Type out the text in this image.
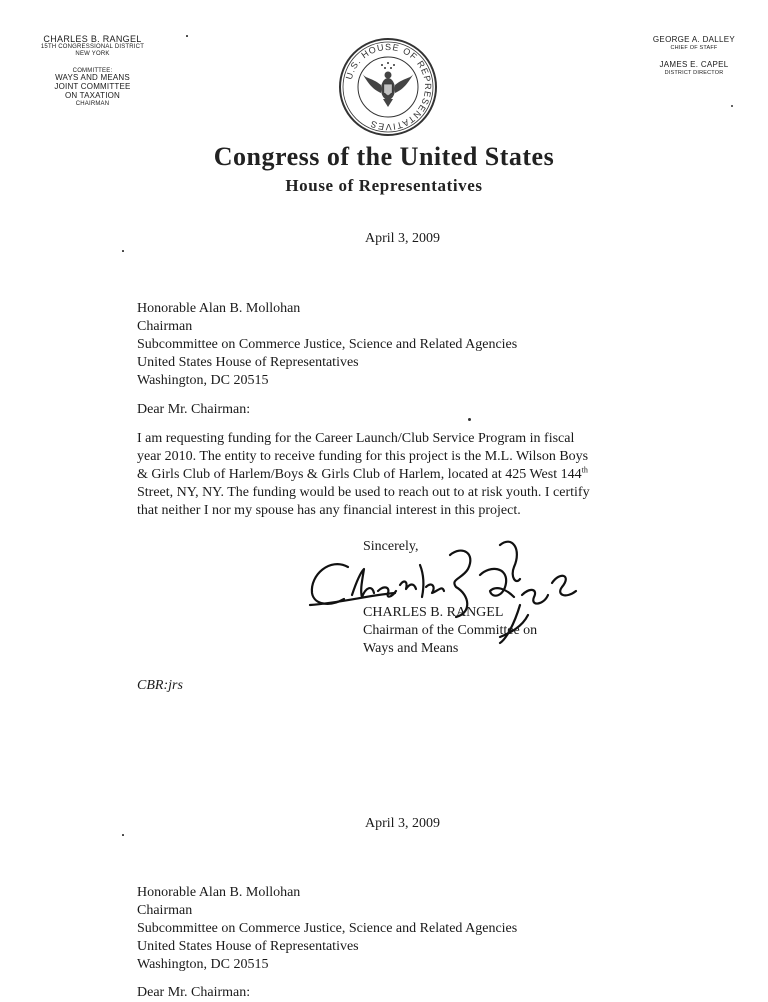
CHARLES B. RANGEL
15TH CONGRESSIONAL DISTRICT
NEW YORK
COMMITTEE:
WAYS AND MEANS
JOINT COMMITTEE
ON TAXATION
CHAIRMAN
GEORGE A. DALLEY
CHIEF OF STAFF
JAMES E. CAPEL
DISTRICT DIRECTOR
U.S. HOUSE OF REPRESENTATIVES
Congress of the United States
House of Representatives
April 3, 2009
Honorable Alan B. Mollohan
Chairman
Subcommittee on Commerce Justice, Science and Related Agencies
United States House of Representatives
Washington, DC 20515
Dear Mr. Chairman:
I am requesting funding for the Career Launch/Club Service Program in fiscal
year 2010. The entity to receive funding for this project is the M.L. Wilson Boys
& Girls Club of Harlem/Boys & Girls Club of Harlem, located at 425 West 144th
Street, NY, NY. The funding would be used to reach out to at risk youth. I certify
that neither I nor my spouse has any financial interest in this project.
Sincerely,
CHARLES B. RANGEL
Chairman of the Committee on
Ways and Means
CBR:jrs
April 3, 2009
Honorable Alan B. Mollohan
Chairman
Subcommittee on Commerce Justice, Science and Related Agencies
United States House of Representatives
Washington, DC 20515
Dear Mr. Chairman:
